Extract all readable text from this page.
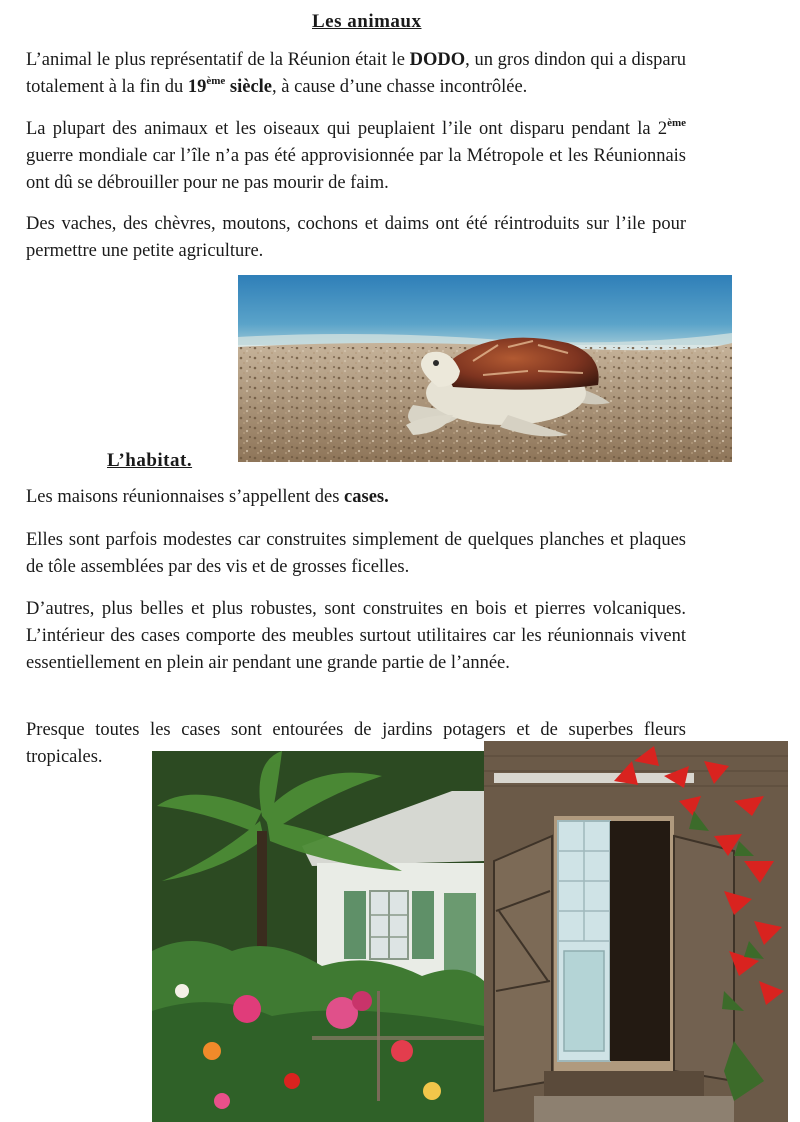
Les animaux

L’animal le plus représentatif de la Réunion était le DODO, un gros dindon qui a disparu totalement à la fin du 19ème siècle, à cause d’une chasse incontrôlée.

La plupart des animaux et les oiseaux qui peuplaient l’ile ont disparu pendant la 2ème guerre mondiale car l’île n’a pas été approvisionnée par la Métropole et les Réunionnais ont dû se débrouiller pour ne pas mourir de faim.

Des vaches, des chèvres, moutons, cochons et daims ont été réintroduits sur l’ile pour permettre une petite agriculture.

L’habitat.

Les maisons réunionnaises s’appellent des cases.

Elles sont parfois modestes car construites simplement de quelques planches et plaques de tôle assemblées par des vis et de grosses ficelles.

D’autres, plus belles et plus robustes, sont construites en bois et pierres volcaniques. L’intérieur des cases comporte des meubles surtout utilitaires car les réunionnais vivent essentiellement en plein air pendant une grande partie de l’année.

Presque toutes les cases sont entourées de jardins potagers et de superbes fleurs tropicales.
